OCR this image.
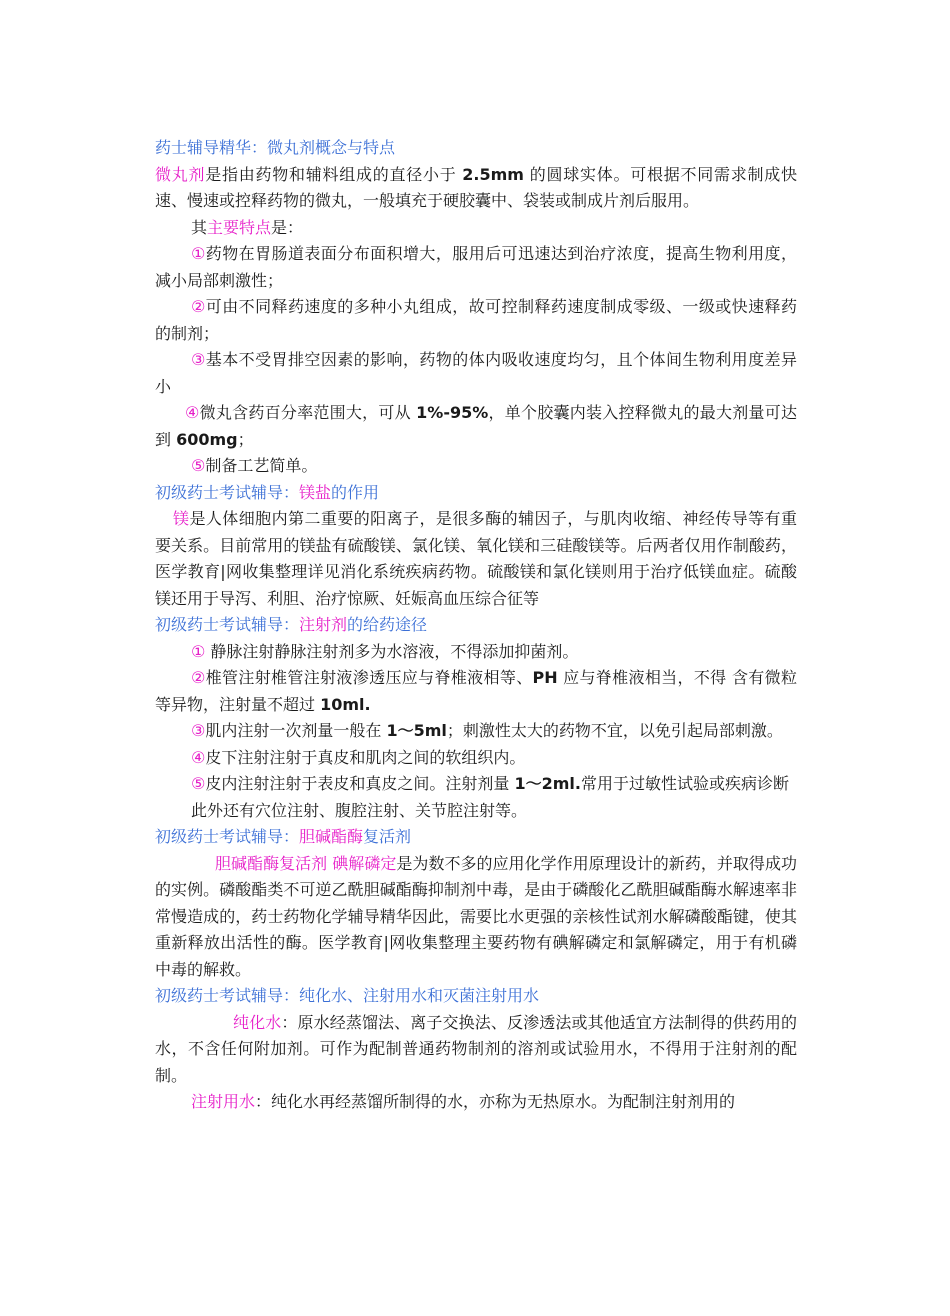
药士辅导精华：微丸剂概念与特点

微丸剂是指由药物和辅料组成的直径小于 2.5mm 的圆球实体。可根据不同需求制成快速、慢速或控释药物的微丸，一般填充于硬胶囊中、袋装或制成片剂后服用。

其主要特点是：

①药物在胃肠道表面分布面积增大，服用后可迅速达到治疗浓度，提高生物利用度，减小局部刺激性；

②可由不同释药速度的多种小丸组成，故可控制释药速度制成零级、一级或快速释药的制剂；

③基本不受胃排空因素的影响，药物的体内吸收速度均匀，且个体间生物利用度差异小

④微丸含药百分率范围大，可从 1%-95%，单个胶囊内装入控释微丸的最大剂量可达到 600mg；

⑤制备工艺简单。

初级药士考试辅导：镁盐的作用

镁是人体细胞内第二重要的阳离子，是很多酶的辅因子，与肌肉收缩、神经传导等有重要关系。目前常用的镁盐有硫酸镁、氯化镁、氧化镁和三硅酸镁等。后两者仅用作制酸药，医学教育|网收集整理详见消化系统疾病药物。硫酸镁和氯化镁则用于治疗低镁血症。硫酸镁还用于导泻、利胆、治疗惊厥、妊娠高血压综合征等

初级药士考试辅导：注射剂的给药途径

① 静脉注射静脉注射剂多为水溶液，不得添加抑菌剂。

②椎管注射椎管注射液渗透压应与脊椎液相等、PH 应与脊椎液相当，不得 含有微粒等异物，注射量不超过 10ml.

③肌内注射一次剂量一般在 1～5ml；刺激性太大的药物不宜，以免引起局部刺激。

④皮下注射注射于真皮和肌肉之间的软组织内。

⑤皮内注射注射于表皮和真皮之间。注射剂量 1～2ml.常用于过敏性试验或疾病诊断

此外还有穴位注射、腹腔注射、关节腔注射等。

初级药士考试辅导：胆碱酯酶复活剂

胆碱酯酶复活剂 碘解磷定是为数不多的应用化学作用原理设计的新药，并取得成功的实例。磷酸酯类不可逆乙酰胆碱酯酶抑制剂中毒，是由于磷酸化乙酰胆碱酯酶水解速率非常慢造成的，药士药物化学辅导精华因此，需要比水更强的亲核性试剂水解磷酸酯键，使其重新释放出活性的酶。医学教育|网收集整理主要药物有碘解磷定和氯解磷定，用于有机磷中毒的解救。

初级药士考试辅导：纯化水、注射用水和灭菌注射用水

纯化水：原水经蒸馏法、离子交换法、反渗透法或其他适宜方法制得的供药用的水，不含任何附加剂。可作为配制普通药物制剂的溶剂或试验用水，不得用于注射剂的配制。

注射用水：纯化水再经蒸馏所制得的水，亦称为无热原水。为配制注射剂用的
